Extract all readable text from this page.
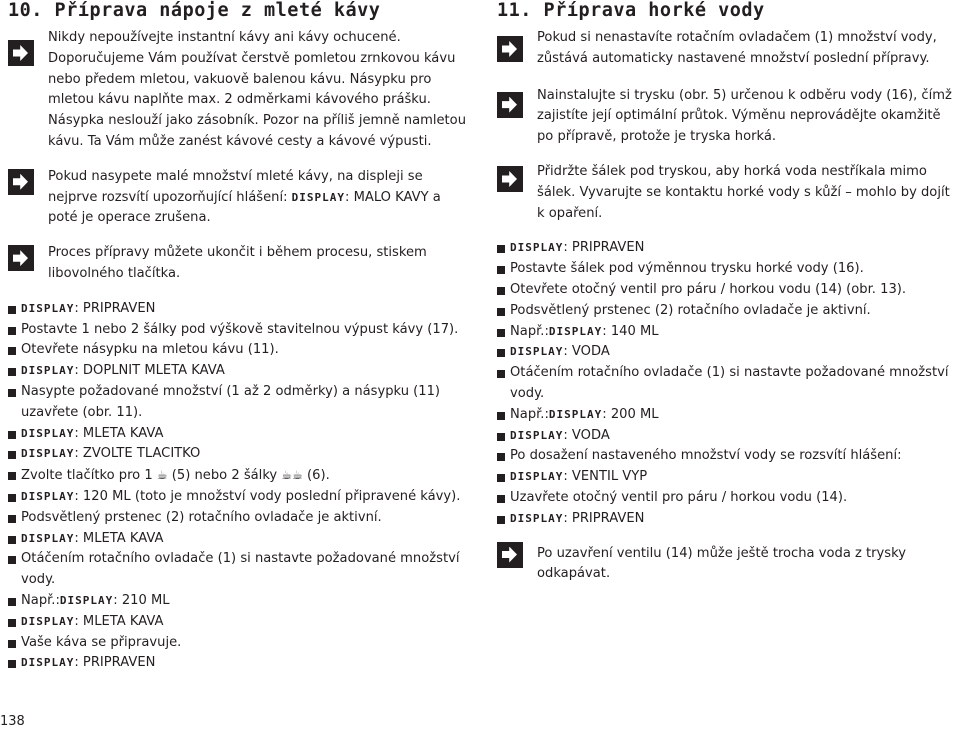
10. Příprava nápoje z mleté kávy

Nikdy nepoužívejte instantní kávy ani kávy ochucené. Doporučujeme Vám používat čerstvě pomletou zrnkovou kávu nebo předem mletou, vakuově balenou kávu. Násypku pro mletou kávu naplňte max. 2 odměrkami kávového prášku. Násypka neslouží jako zásobník. Pozor na příliš jemně namletou kávu. Ta Vám může zanést kávové cesty a kávové výpusti.

Pokud nasypete malé množství mleté kávy, na displeji se nejprve rozsvítí upozorňující hlášení: DISPLAY: MALO KAVY a poté je operace zrušena.

Proces přípravy můžete ukončit i během procesu, stiskem libovolného tlačítka.

DISPLAY: PRIPRAVEN
Postavte 1 nebo 2 šálky pod výškově stavitelnou výpust kávy (17).
Otevřete násypku na mletou kávu (11).
DISPLAY: DOPLNIT MLETA KAVA
Nasypte požadované množství (1 až 2 odměrky) a násypku (11) uzavřete (obr. 11).
DISPLAY: MLETA KAVA
DISPLAY: ZVOLTE TLACITKO
Zvolte tlačítko pro 1 ☕ (5) nebo 2 šálky ☕☕ (6).
DISPLAY: 120 ML (toto je množství vody poslední připravené kávy).
Podsvětlený prstenec (2) rotačního ovladače je aktivní.
DISPLAY: MLETA KAVA
Otáčením rotačního ovladače (1) si nastavte požadované množství vody.
Např.:DISPLAY: 210 ML
DISPLAY: MLETA KAVA
Vaše káva se připravuje.
DISPLAY: PRIPRAVEN
11. Příprava horké vody

Pokud si nenastavíte rotačním ovladačem (1) množství vody, zůstává automaticky nastavené množství poslední přípravy.

Nainstalujte si trysku (obr. 5) určenou k odběru vody (16), čímž zajistíte její optimální průtok. Výměnu neprovádějte okamžitě po přípravě, protože je tryska horká.

Přidržte šálek pod tryskou, aby horká voda nestříkala mimo šálek. Vyvarujte se kontaktu horké vody s kůží – mohlo by dojít k opaření.

DISPLAY: PRIPRAVEN
Postavte šálek pod výměnnou trysku horké vody (16).
Otevřete otočný ventil pro páru / horkou vodu (14) (obr. 13).
Podsvětlený prstenec (2) rotačního ovladače je aktivní.
Např.:DISPLAY: 140 ML
DISPLAY: VODA
Otáčením rotačního ovladače (1) si nastavte požadované množství vody.
Např.:DISPLAY: 200 ML
DISPLAY: VODA
Po dosažení nastaveného množství vody se rozsvítí hlášení:
DISPLAY: VENTIL VYP
Uzavřete otočný ventil pro páru / horkou vodu (14).
DISPLAY: PRIPRAVEN

Po uzavření ventilu (14) může ještě trocha voda z trysky odkapávat.

138
